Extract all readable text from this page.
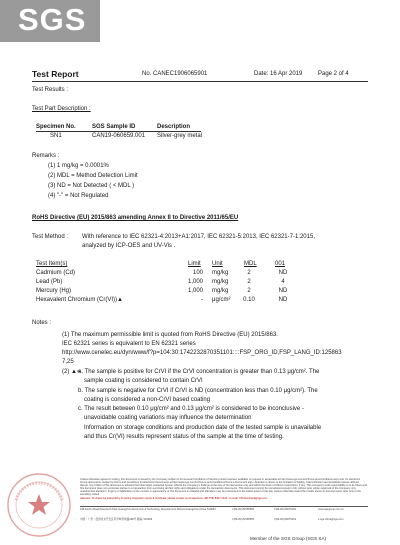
SGS
Test Report	No. CANEC1906065901	Date: 16 Apr 2019	Page 2 of 4
Test Results :
Test Part Description :
Specimen No.	SGS Sample ID	Description
SN1	CAN19-060659.001 Silver-grey metal
Remarks :
(1) 1 mg/kg = 0.0001%
(2) MDL = Method Detection Limit
(3) ND = Not Detected ( < MDL )
(4) "-" = Not Regulated
RoHS Directive (EU) 2015/863 amending Annex II to Directive 2011/65/EU
Test Method : With reference to IEC 62321-4:2013+A1:2017, IEC 62321-5:2013, IEC 62321-7-1:2015,
analyzed by ICP-OES and UV-Vis .
Test Item(s)	Limit Unit	MDL	001
Cadmium (Cd)	100 mg/kg	2	ND
Lead (Pb)	1,000 mg/kg	2	4
Mercury (Hg)	1,000 mg/kg	2	ND
Hexavalent Chromium (Cr(VI))▲	- μg/cm²	0.10	ND
Notes :
(1) The maximum permissible limit is quoted from RoHS Directive (EU) 2015/863.
IEC 62321 series is equivalent to EN 62321 series
http://www.cenelec.eu/dyn/www/f?p=104:30:1742232870351101::::FSP_ORG_ID,FSP_LANG_ID:125863
7,25
(2) ▲=
a. The sample is positive for CrVI if the CrVI concentration is greater than 0.13 μg/cm². The
sample coating is considered to contain CrVI
b. The sample is negative for CrVI if CrVI is ND (concentration less than 0.10 μg/cm²). The
coating is considered a non-CrVI based coating
c. The result between 0.10 μg/cm² and 0.13 μg/cm² is considered to be inconclusive -
unavoidable coating variations may influence the determination
Information on storage conditions and production date of the tested sample is unavailable
and thus Cr(VI) results represent status of the sample at the time of testing.
Unless otherwise agreed in writing, this document is issued by the Company subject to its General Conditions of Service printed overleaf, available on request or accessible at http://www.sgs.com/en/Terms-and-Conditions.aspx and, for electronic format documents, subject to Terms and Conditions for Electronic Documents at http://www.sgs.com/en/Terms-and-Conditions/Terms-e-Document.aspx. Attention is drawn to the limitation of liability, indemnification and jurisdiction issues defined therein. Any holder of this document is advised that information contained hereon reflects the Company's findings at the time of its intervention only and within the limits of Client's instructions, if any. The Company's sole responsibility is to its Client and this document does not exonerate parties to a transaction from exercising all their rights and obligations under the transaction documents. This document cannot be reproduced except in full, without prior written approval of the Company. Any unauthorized alteration, forgery or falsification of the content or appearance of this document is unlawful and offenders may be prosecuted to the fullest extent of the law. Unless otherwise stated the results shown in this test report refer only to the sample(s) tested.
Attention: To check the authenticity of testing /inspection report & certificate, please contact us at telephone: (86-755) 8307 1443, or email: CN.Doccheck@sgs.com
198 Kezhu Road,Scientech Park Guangzhou Economic & Technology Development District,Guangzhou,China 510663	t (86-20) 82155555	f (86-20) 82075191	www.sgsgroup.com.cn
中国・广州・经济技术开发区科学城科珠路198号 邮编: 510663	t (86-20) 82155555	f (86-20) 82075191	e sgs.china@sgs.com
Member of the SGS Group (SGS SA)
